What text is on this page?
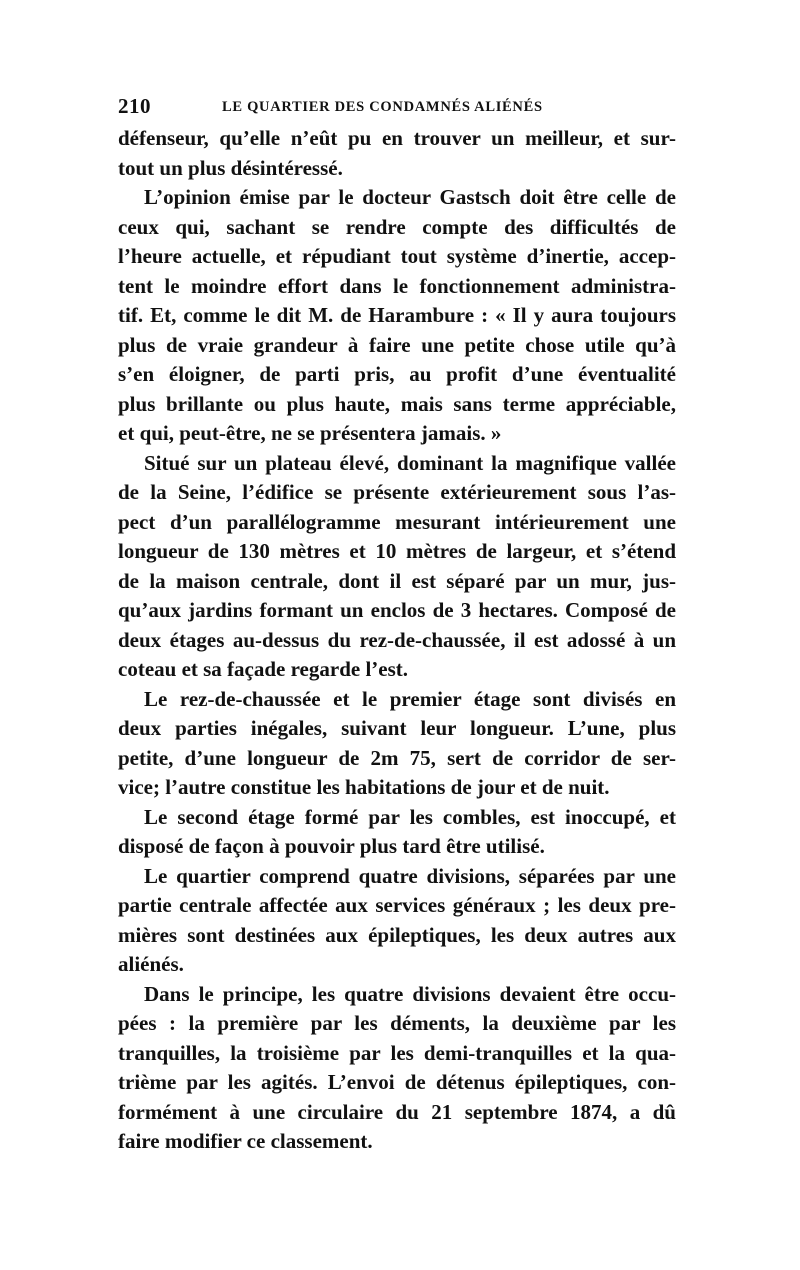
210	LE QUARTIER DES CONDAMNÉS ALIÉNÉS
défenseur, qu’elle n’eût pu en trouver un meilleur, et sur-
tout un plus désintéressé.
L’opinion émise par le docteur Gastsch doit être celle de
ceux qui, sachant se rendre compte des difficultés de
l’heure actuelle, et répudiant tout système d’inertie, accep-
tent le moindre effort dans le fonctionnement administra-
tif. Et, comme le dit M. de Harambure : « Il y aura toujours
plus de vraie grandeur à faire une petite chose utile qu’à
s’en éloigner, de parti pris, au profit d’une éventualité
plus brillante ou plus haute, mais sans terme appréciable,
et qui, peut-être, ne se présentera jamais. »
Situé sur un plateau élevé, dominant la magnifique vallée
de la Seine, l’édifice se présente extérieurement sous l’as-
pect d’un parallélogramme mesurant intérieurement une
longueur de 130 mètres et 10 mètres de largeur, et s’étend
de la maison centrale, dont il est séparé par un mur, jus-
qu’aux jardins formant un enclos de 3 hectares. Composé de
deux étages au-dessus du rez-de-chaussée, il est adossé à un
coteau et sa façade regarde l’est.
Le rez-de-chaussée et le premier étage sont divisés en
deux parties inégales, suivant leur longueur. L’une, plus
petite, d’une longueur de 2m 75, sert de corridor de ser-
vice; l’autre constitue les habitations de jour et de nuit.
Le second étage formé par les combles, est inoccupé, et
disposé de façon à pouvoir plus tard être utilisé.
Le quartier comprend quatre divisions, séparées par une
partie centrale affectée aux services généraux ; les deux pre-
mières sont destinées aux épileptiques, les deux autres aux
aliénés.
Dans le principe, les quatre divisions devaient être occu-
pées : la première par les déments, la deuxième par les
tranquilles, la troisième par les demi-tranquilles et la qua-
trième par les agités. L’envoi de détenus épileptiques, con-
formément à une circulaire du 21 septembre 1874, a dû
faire modifier ce classement.
